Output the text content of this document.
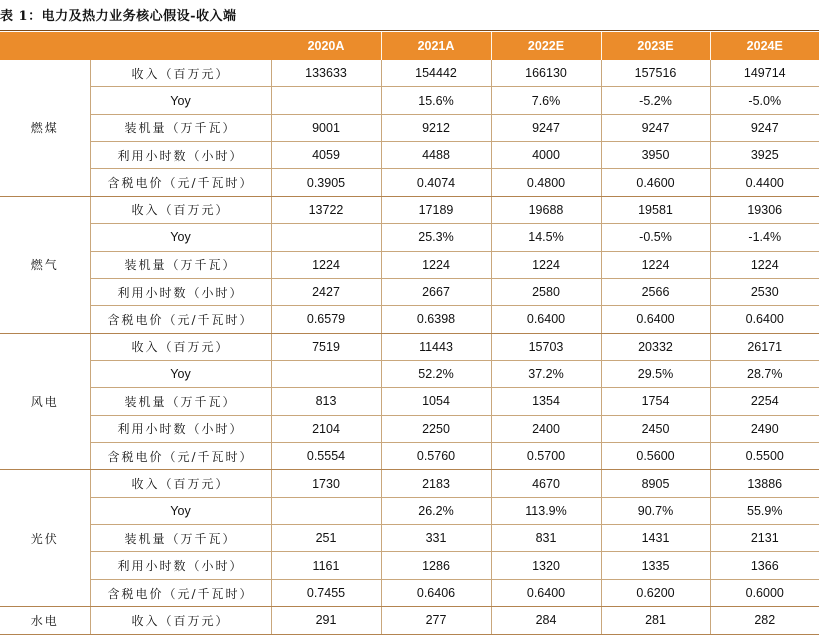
表 1：电力及热力业务核心假设-收入端
		2020A	2021A	2022E	2023E	2024E
燃煤	收入（百万元）	133633	154442	166130	157516	149714
	Yoy		15.6%	7.6%	-5.2%	-5.0%
	装机量（万千瓦）	9001	9212	9247	9247	9247
	利用小时数（小时）	4059	4488	4000	3950	3925
	含税电价（元/千瓦时）	0.3905	0.4074	0.4800	0.4600	0.4400
燃气	收入（百万元）	13722	17189	19688	19581	19306
	Yoy		25.3%	14.5%	-0.5%	-1.4%
	装机量（万千瓦）	1224	1224	1224	1224	1224
	利用小时数（小时）	2427	2667	2580	2566	2530
	含税电价（元/千瓦时）	0.6579	0.6398	0.6400	0.6400	0.6400
风电	收入（百万元）	7519	11443	15703	20332	26171
	Yoy		52.2%	37.2%	29.5%	28.7%
	装机量（万千瓦）	813	1054	1354	1754	2254
	利用小时数（小时）	2104	2250	2400	2450	2490
	含税电价（元/千瓦时）	0.5554	0.5760	0.5700	0.5600	0.5500
光伏	收入（百万元）	1730	2183	4670	8905	13886
	Yoy		26.2%	113.9%	90.7%	55.9%
	装机量（万千瓦）	251	331	831	1431	2131
	利用小时数（小时）	1161	1286	1320	1335	1366
	含税电价（元/千瓦时）	0.7455	0.6406	0.6400	0.6200	0.6000
水电	收入（百万元）	291	277	284	281	282
